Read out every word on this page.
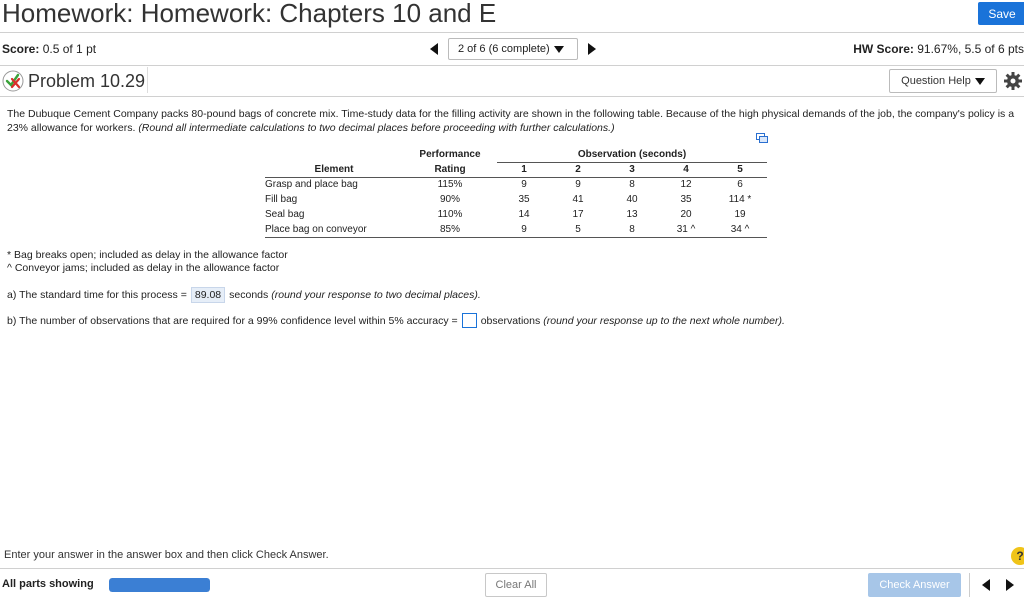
Homework: Homework: Chapters 10 and E	Save
Score: 0.5 of 1 pt	2 of 6 (6 complete)	HW Score: 91.67%, 5.5 of 6 pts
Problem 10.29	Question Help
The Dubuque Cement Company packs 80-pound bags of concrete mix. Time-study data for the filling activity are shown in the following table. Because of the high physical demands of the job, the company's policy is a 23% allowance for workers. (Round all intermediate calculations to two decimal places before proceeding with further calculations.)
	Performance	Observation (seconds)				
Element	Rating	1	2	3	4	5
Grasp and place bag	115%	9	9	8	12	6
Fill bag	90%	35	41	40	35	114 *
Seal bag	110%	14	17	13	20	19
Place bag on conveyor	85%	9	5	8	31 ^	34 ^
* Bag breaks open; included as delay in the allowance factor
^ Conveyor jams; included as delay in the allowance factor
a) The standard time for this process = 89.08 seconds (round your response to two decimal places).
b) The number of observations that are required for a 99% confidence level within 5% accuracy = observations (round your response up to the next whole number).
Enter your answer in the answer box and then click Check Answer.	?
All parts showing	Clear All	Check Answer
